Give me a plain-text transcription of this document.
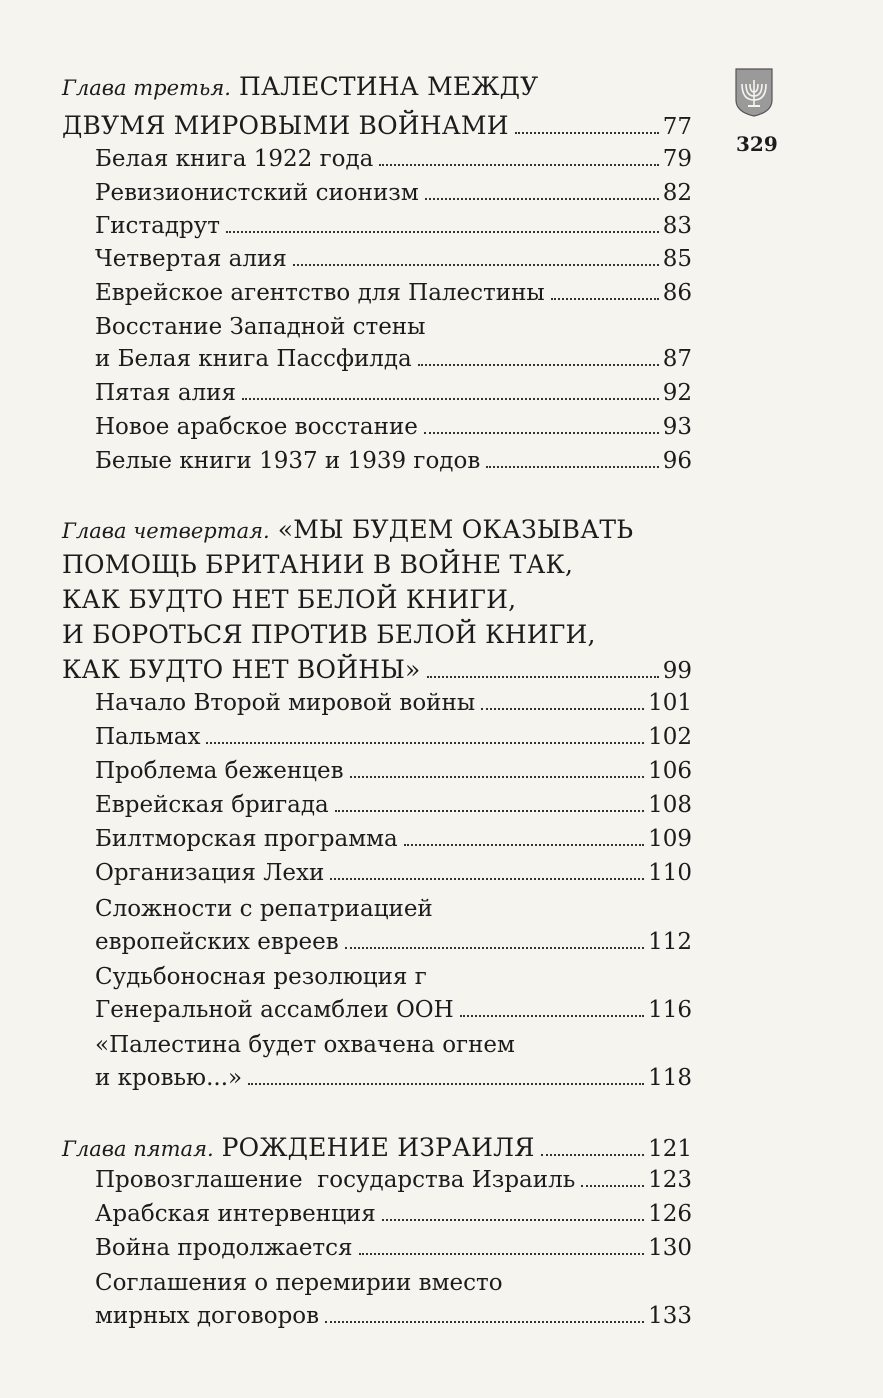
329
Глава третья. ПАЛЕСТИНА МЕЖДУ
ДВУМЯ МИРОВЫМИ ВОЙНАМИ	77
Белая книга 1922 года	79
Ревизионистский сионизм	82
Гистадрут	83
Четвертая алия	85
Еврейское агентство для Палестины	86
Восстание Западной стены
и Белая книга Пассфилда	87
Пятая алия	92
Новое арабское восстание	93
Белые книги 1937 и 1939 годов	96
Глава четвертая. «МЫ БУДЕМ ОКАЗЫВАТЬ
ПОМОЩЬ БРИТАНИИ В ВОЙНЕ ТАК,
КАК БУДТО НЕТ БЕЛОЙ КНИГИ,
И БОРОТЬСЯ ПРОТИВ БЕЛОЙ КНИГИ,
КАК БУДТО НЕТ ВОЙНЫ»	99
Начало Второй мировой войны	101
Пальмах	102
Проблема беженцев	106
Еврейская бригада	108
Билтморская программа	109
Организация Лехи	110
Сложности с репатриацией
европейских евреев	112
Судьбоносная резолюция г
Генеральной ассамблеи ООН	116
«Палестина будет охвачена огнем
и кровью...»	118
Глава пятая. РОЖДЕНИЕ ИЗРАИЛЯ	121
Провозглашение  государства Израиль	123
Арабская интервенция	126
Война продолжается	130
Соглашения о перемирии вместо
мирных договоров	133
